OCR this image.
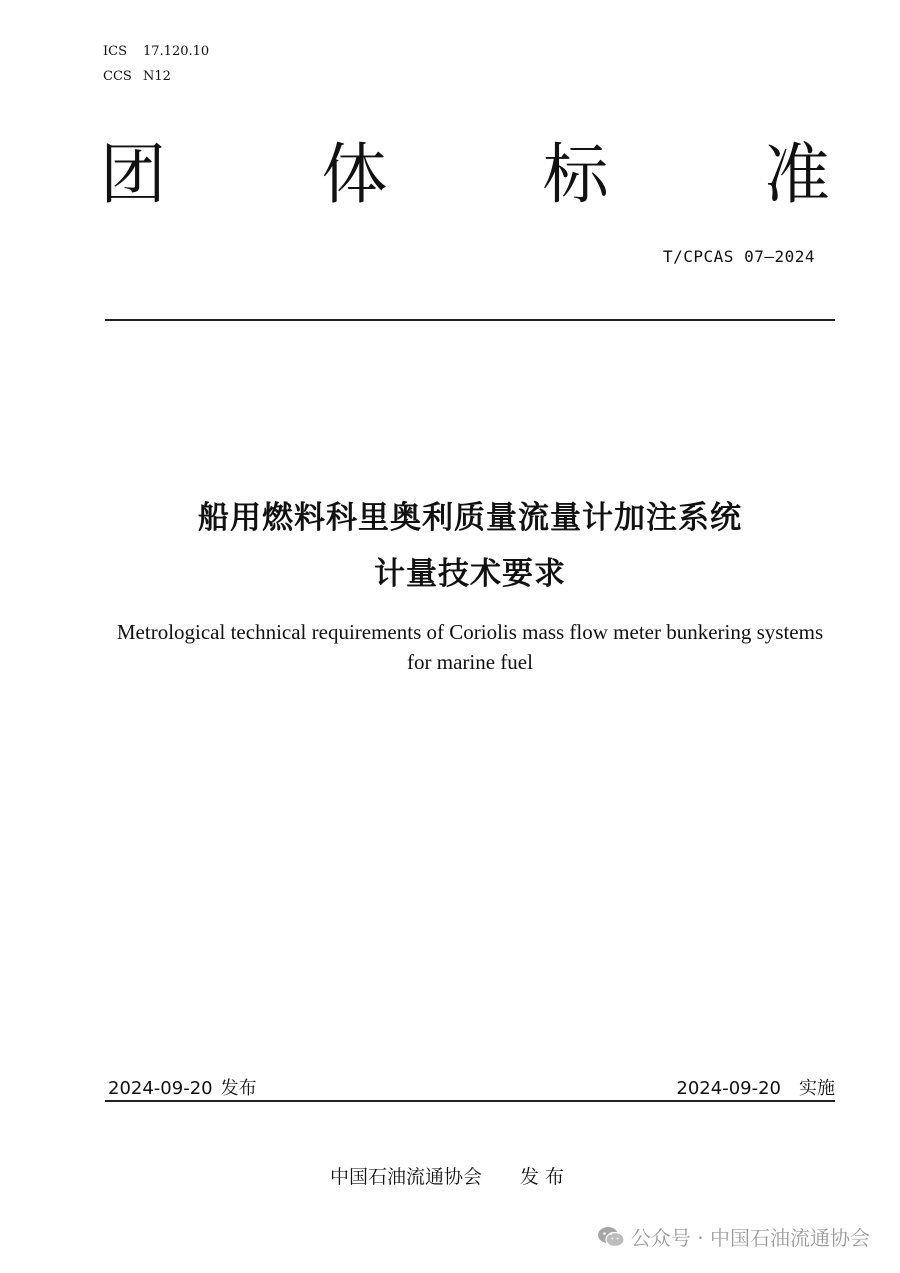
ICS 17.120.10
CCS N12
团 体 标 准
T/CPCAS 07—2024
船用燃料科里奥利质量流量计加注系统
计量技术要求
Metrological technical requirements of Coriolis mass flow meter bunkering systems
for marine fuel
2024-09-20 发布	2024-09-20 实施
中国石油流通协会 发 布
公众号 · 中国石油流通协会
